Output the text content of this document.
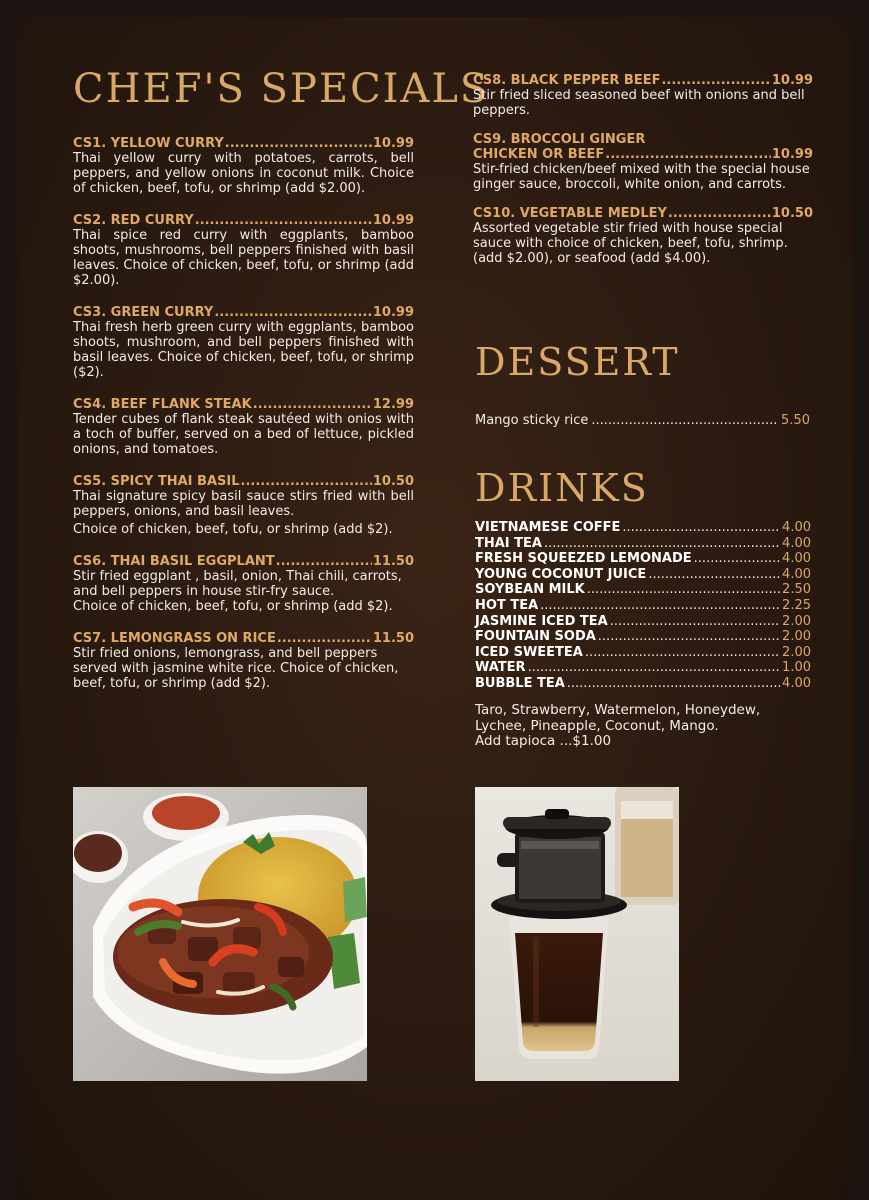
CHEF'S SPECIALS
CS1. YELLOW CURRY .....	10.99
Thai yellow curry with potatoes, carrots, bell peppers, and yellow onions in coconut milk. Choice of chicken, beef, tofu, or shrimp (add $2.00).
CS2. RED CURRY .....	10.99
Thai spice red curry with eggplants, bamboo shoots, mushrooms, bell peppers finished with basil leaves. Choice of chicken, beef, tofu, or shrimp (add $2.00).
CS3. GREEN CURRY .....	10.99
Thai fresh herb green curry with eggplants, bamboo shoots, mushroom, and bell peppers finished with basil leaves. Choice of chicken, beef, tofu, or shrimp ($2).
CS4. BEEF FLANK STEAK .....	12.99
Tender cubes of flank steak sautéed with onios with a toch of buffer, served on a bed of lettuce, pickled onions, and tomatoes.
CS5. SPICY THAI BASIL .....	10.50
Thai signature spicy basil sauce stirs fried with bell peppers, onions, and basil leaves.
Choice of chicken, beef, tofu, or shrimp (add $2).
CS6. THAI BASIL EGGPLANT .....	11.50
Stir fried eggplant , basil, onion, Thai chili, carrots, and bell peppers in house stir-fry sauce.
Choice of chicken, beef, tofu, or shrimp (add $2).
CS7. LEMONGRASS ON RICE .....	11.50
Stir fried onions, lemongrass, and bell peppers served with jasmine white rice. Choice of chicken, beef, tofu, or shrimp (add $2).
CS8. BLACK PEPPER BEEF .....	10.99
Stir fried sliced seasoned beef with onions and bell peppers.
CS9. BROCCOLI GINGER
CHICKEN OR BEEF .....	10.99
Stir-fried chicken/beef mixed with the special house ginger sauce, broccoli, white onion, and carrots.
CS10. VEGETABLE MEDLEY .....	10.50
Assorted vegetable stir fried with house special sauce with choice of chicken, beef, tofu, shrimp.
(add $2.00), or seafood (add $4.00).
DESSERT
Mango sticky rice .....	5.50
DRINKS
VIETNAMESE COFFE .....	4.00
THAI TEA .....	4.00
FRESH SQUEEZED LEMONADE .....	4.00
YOUNG COCONUT JUICE .....	4.00
SOYBEAN MILK .....	2.50
HOT TEA .....	2.25
JASMINE ICED TEA .....	2.00
FOUNTAIN SODA .....	2.00
ICED SWEETEA .....	2.00
WATER .....	1.00
BUBBLE TEA .....	4.00
Taro, Strawberry, Watermelon, Honeydew, Lychee, Pineapple, Coconut, Mango.
Add tapioca ...$1.00
